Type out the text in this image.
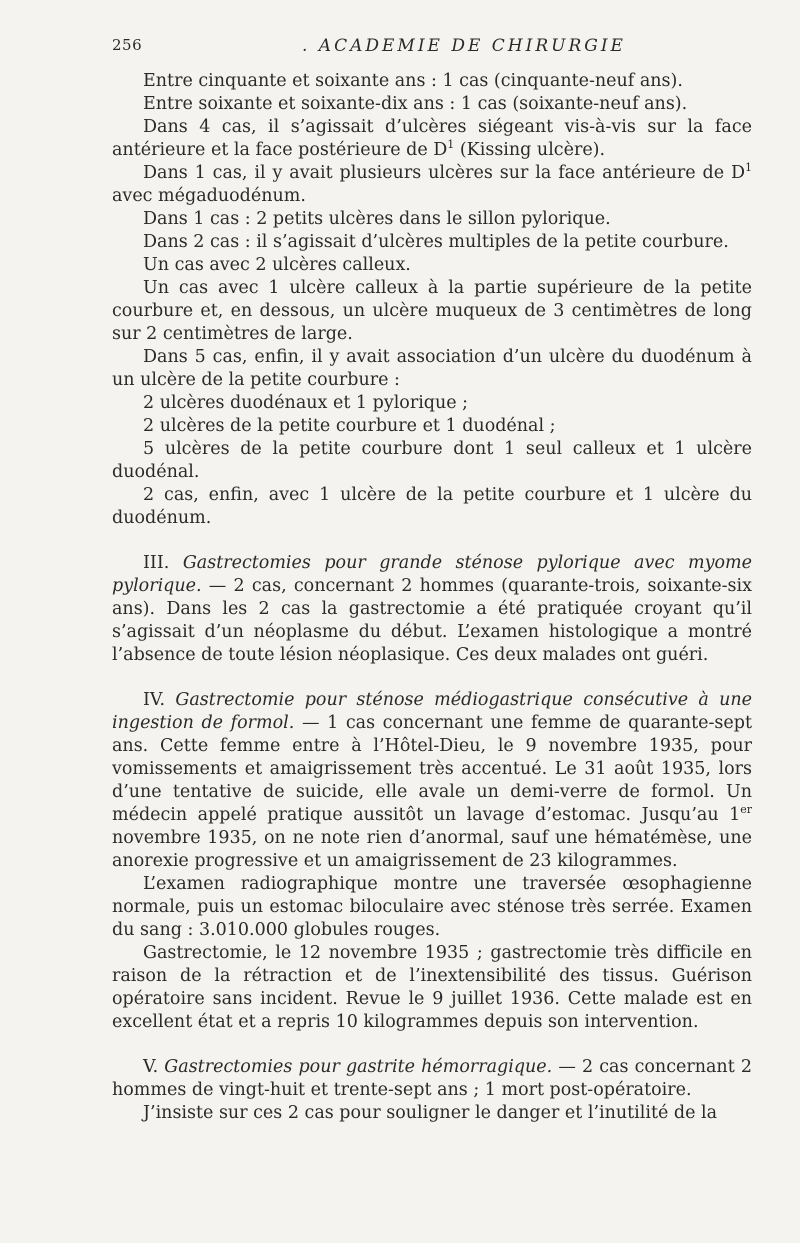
256	. ACADEMIE DE CHIRURGIE

Entre cinquante et soixante ans : 1 cas (cinquante-neuf ans).

Entre soixante et soixante-dix ans : 1 cas (soixante-neuf ans).

Dans 4 cas, il s’agissait d’ulcères siégeant vis-à-vis sur la face antérieure et la face postérieure de $D^1$ (Kissing ulcère).

Dans 1 cas, il y avait plusieurs ulcères sur la face antérieure de $D^1$ avec mégaduodénum.

Dans 1 cas : 2 petits ulcères dans le sillon pylorique.

Dans 2 cas : il s’agissait d’ulcères multiples de la petite courbure.

Un cas avec 2 ulcères calleux.

Un cas avec 1 ulcère calleux à la partie supérieure de la petite courbure et, en dessous, un ulcère muqueux de 3 centimètres de long sur 2 centimètres de large.

Dans 5 cas, enfin, il y avait association d’un ulcère du duodénum à un ulcère de la petite courbure :

2 ulcères duodénaux et 1 pylorique ;

2 ulcères de la petite courbure et 1 duodénal ;

5 ulcères de la petite courbure dont 1 seul calleux et 1 ulcère duodénal.

2 cas, enfin, avec 1 ulcère de la petite courbure et 1 ulcère du duodénum.

III. Gastrectomies pour grande sténose pylorique avec myome pylorique. — 2 cas, concernant 2 hommes (quarante-trois, soixante-six ans). Dans les 2 cas la gastrectomie a été pratiquée croyant qu’il s’agissait d’un néoplasme du début. L’examen histologique a montré l’absence de toute lésion néoplasique. Ces deux malades ont guéri.

IV. Gastrectomie pour sténose médiogastrique consécutive à une ingestion de formol. — 1 cas concernant une femme de quarante-sept ans. Cette femme entre à l’Hôtel-Dieu, le 9 novembre 1935, pour vomissements et amaigrissement très accentué. Le 31 août 1935, lors d’une tentative de suicide, elle avale un demi-verre de formol. Un médecin appelé pratique aussitôt un lavage d’estomac. Jusqu’au 1er novembre 1935, on ne note rien d’anormal, sauf une hématémèse, une anorexie progressive et un amaigrissement de 23 kilogrammes.

L’examen radiographique montre une traversée œsophagienne normale, puis un estomac biloculaire avec sténose très serrée. Examen du sang : 3.010.000 globules rouges.

Gastrectomie, le 12 novembre 1935 ; gastrectomie très difficile en raison de la rétraction et de l’inextensibilité des tissus. Guérison opératoire sans incident. Revue le 9 juillet 1936. Cette malade est en excellent état et a repris 10 kilogrammes depuis son intervention.

V. Gastrectomies pour gastrite hémorragique. — 2 cas concernant 2 hommes de vingt-huit et trente-sept ans ; 1 mort post-opératoire.

J’insiste sur ces 2 cas pour souligner le danger et l’inutilité de la
